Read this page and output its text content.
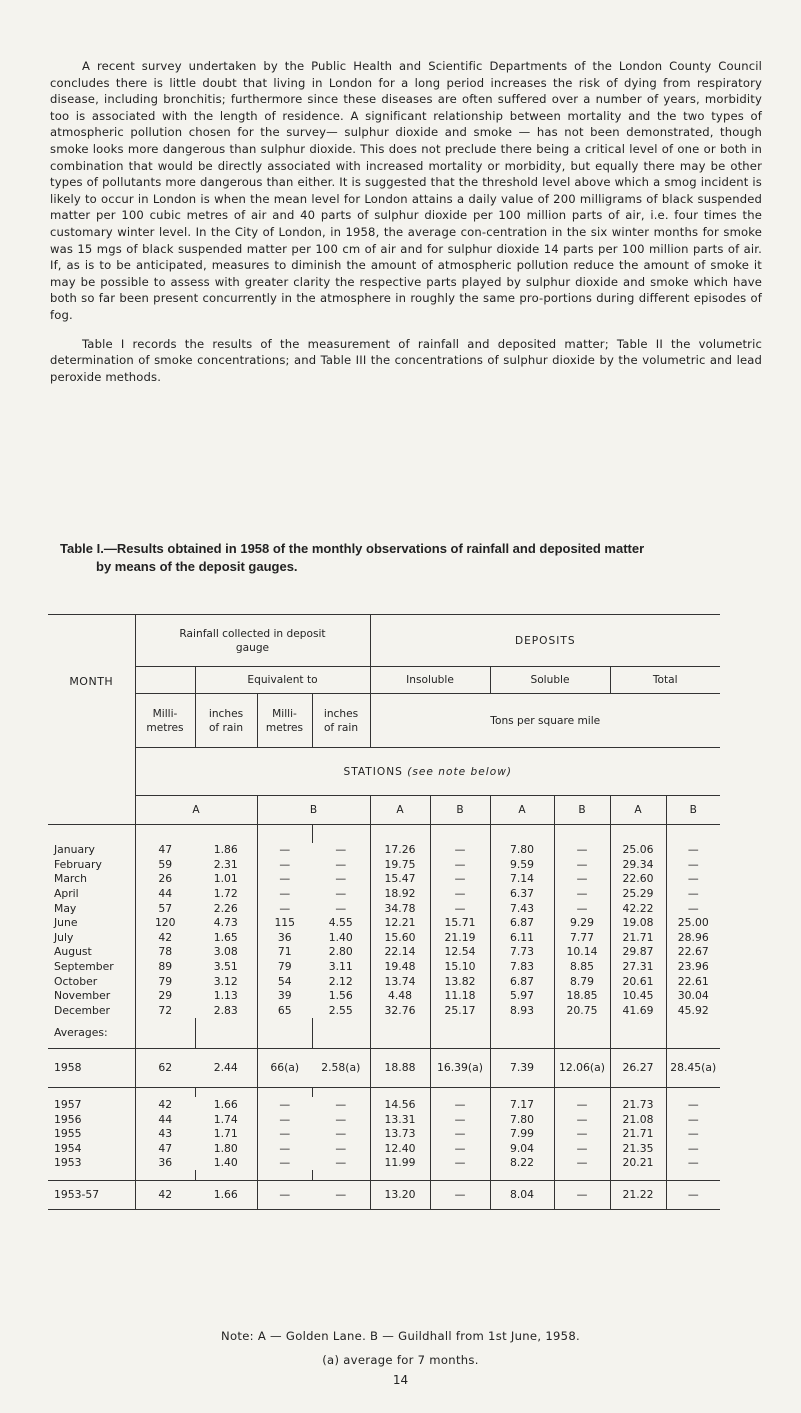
A recent survey undertaken by the Public Health and Scientific Departments of the London County Council concludes there is little doubt that living in London for a long period increases the risk of dying from respiratory disease, including bronchitis; furthermore since these diseases are often suffered over a number of years, morbidity too is associated with the length of residence. A significant relationship between mortality and the two types of atmospheric pollution chosen for the survey— sulphur dioxide and smoke — has not been demonstrated, though smoke looks more dangerous than sulphur dioxide. This does not preclude there being a critical level of one or both in combination that would be directly associated with increased mortality or morbidity, but equally there may be other types of pollutants more dangerous than either. It is suggested that the threshold level above which a smog incident is likely to occur in London is when the mean level for London attains a daily value of 200 milligrams of black suspended matter per 100 cubic metres of air and 40 parts of sulphur dioxide per 100 million parts of air, i.e. four times the customary winter level. In the City of London, in 1958, the average con-centration in the six winter months for smoke was 15 mgs of black suspended matter per 100 cm of air and for sulphur dioxide 14 parts per 100 million parts of air. If, as is to be anticipated, measures to diminish the amount of atmospheric pollution reduce the amount of smoke it may be possible to assess with greater clarity the respective parts played by sulphur dioxide and smoke which have both so far been present concurrently in the atmosphere in roughly the same pro-portions during different episodes of fog.

Table I records the results of the measurement of rainfall and deposited matter; Table II the volumetric determination of smoke concentrations; and Table III the concentrations of sulphur dioxide by the volumetric and lead peroxide methods.

Table I.—Results obtained in 1958 of the monthly observations of rainfall and deposited matter
by means of the deposit gauges.
MONTH	Rainfall collected in deposit gauge				DEPOSITS					
		Equivalent to			Insoluble		Soluble		Total	
	Milli- metres	inches of rain	Milli- metres	inches of rain	Tons per square mile					
	STATIONS (see note below)									
	A		B		A	B	A	B	A	B

January	47	1.86	—	—	17.26	—	7.80	—	25.06	—
February	59	2.31	—	—	19.75	—	9.59	—	29.34	—
March	26	1.01	—	—	15.47	—	7.14	—	22.60	—
April	44	1.72	—	—	18.92	—	6.37	—	25.29	—
May	57	2.26	—	—	34.78	—	7.43	—	42.22	—
June	120	4.73	115	4.55	12.21	15.71	6.87	9.29	19.08	25.00
July	42	1.65	36	1.40	15.60	21.19	6.11	7.77	21.71	28.96
August	78	3.08	71	2.80	22.14	12.54	7.73	10.14	29.87	22.67
September	89	3.51	79	3.11	19.48	15.10	7.83	8.85	27.31	23.96
October	79	3.12	54	2.12	13.74	13.82	6.87	8.79	20.61	22.61
November	29	1.13	39	1.56	4.48	11.18	5.97	18.85	10.45	30.04
December	72	2.83	65	2.55	32.76	25.17	8.93	20.75	41.69	45.92
Averages:										
1958	62	2.44	66(a)	2.58(a)	18.88	16.39(a)	7.39	12.06(a)	26.27	28.45(a)

1957	42	1.66	—	—	14.56	—	7.17	—	21.73	—
1956	44	1.74	—	—	13.31	—	7.80	—	21.08	—
1955	43	1.71	—	—	13.73	—	7.99	—	21.71	—
1954	47	1.80	—	—	12.40	—	9.04	—	21.35	—
1953	36	1.40	—	—	11.99	—	8.22	—	20.21	—

1953-57	42	1.66	—	—	13.20	—	8.04	—	21.22	—
Note: A — Golden Lane. B — Guildhall from 1st June, 1958.
(a) average for 7 months.
14
